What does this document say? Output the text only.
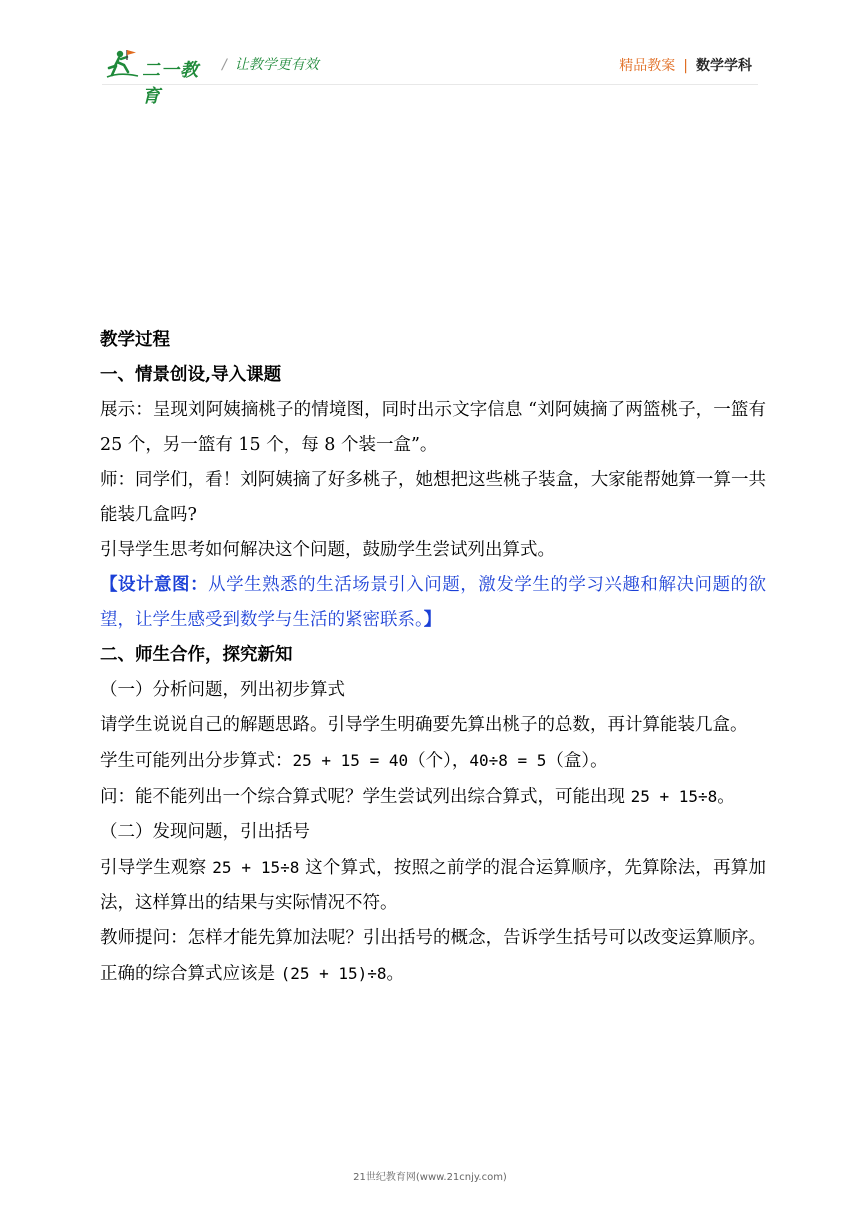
二一教育
/ 让教学更有效	精品教案 | 数学学科

教学过程

一、情景创设,导入课题

展示：呈现刘阿姨摘桃子的情境图，同时出示文字信息 “刘阿姨摘了两篮桃子，一篮有 25 个，另一篮有 15 个，每 8 个装一盒”。

师：同学们，看！刘阿姨摘了好多桃子，她想把这些桃子装盒，大家能帮她算一算一共能装几盒吗?

引导学生思考如何解决这个问题，鼓励学生尝试列出算式。

【设计意图：从学生熟悉的生活场景引入问题，激发学生的学习兴趣和解决问题的欲望，让学生感受到数学与生活的紧密联系。】

二、师生合作，探究新知

（一）分析问题，列出初步算式

请学生说说自己的解题思路。引导学生明确要先算出桃子的总数，再计算能装几盒。

学生可能列出分步算式：25 + 15 = 40（个），40÷8 = 5（盒）。

问：能不能列出一个综合算式呢？学生尝试列出综合算式，可能出现 25 + 15÷8。

（二）发现问题，引出括号

引导学生观察 25 + 15÷8 这个算式，按照之前学的混合运算顺序，先算除法，再算加法，这样算出的结果与实际情况不符。

教师提问：怎样才能先算加法呢？引出括号的概念，告诉学生括号可以改变运算顺序。正确的综合算式应该是 (25 + 15)÷8。

21世纪教育网(www.21cnjy.com)
